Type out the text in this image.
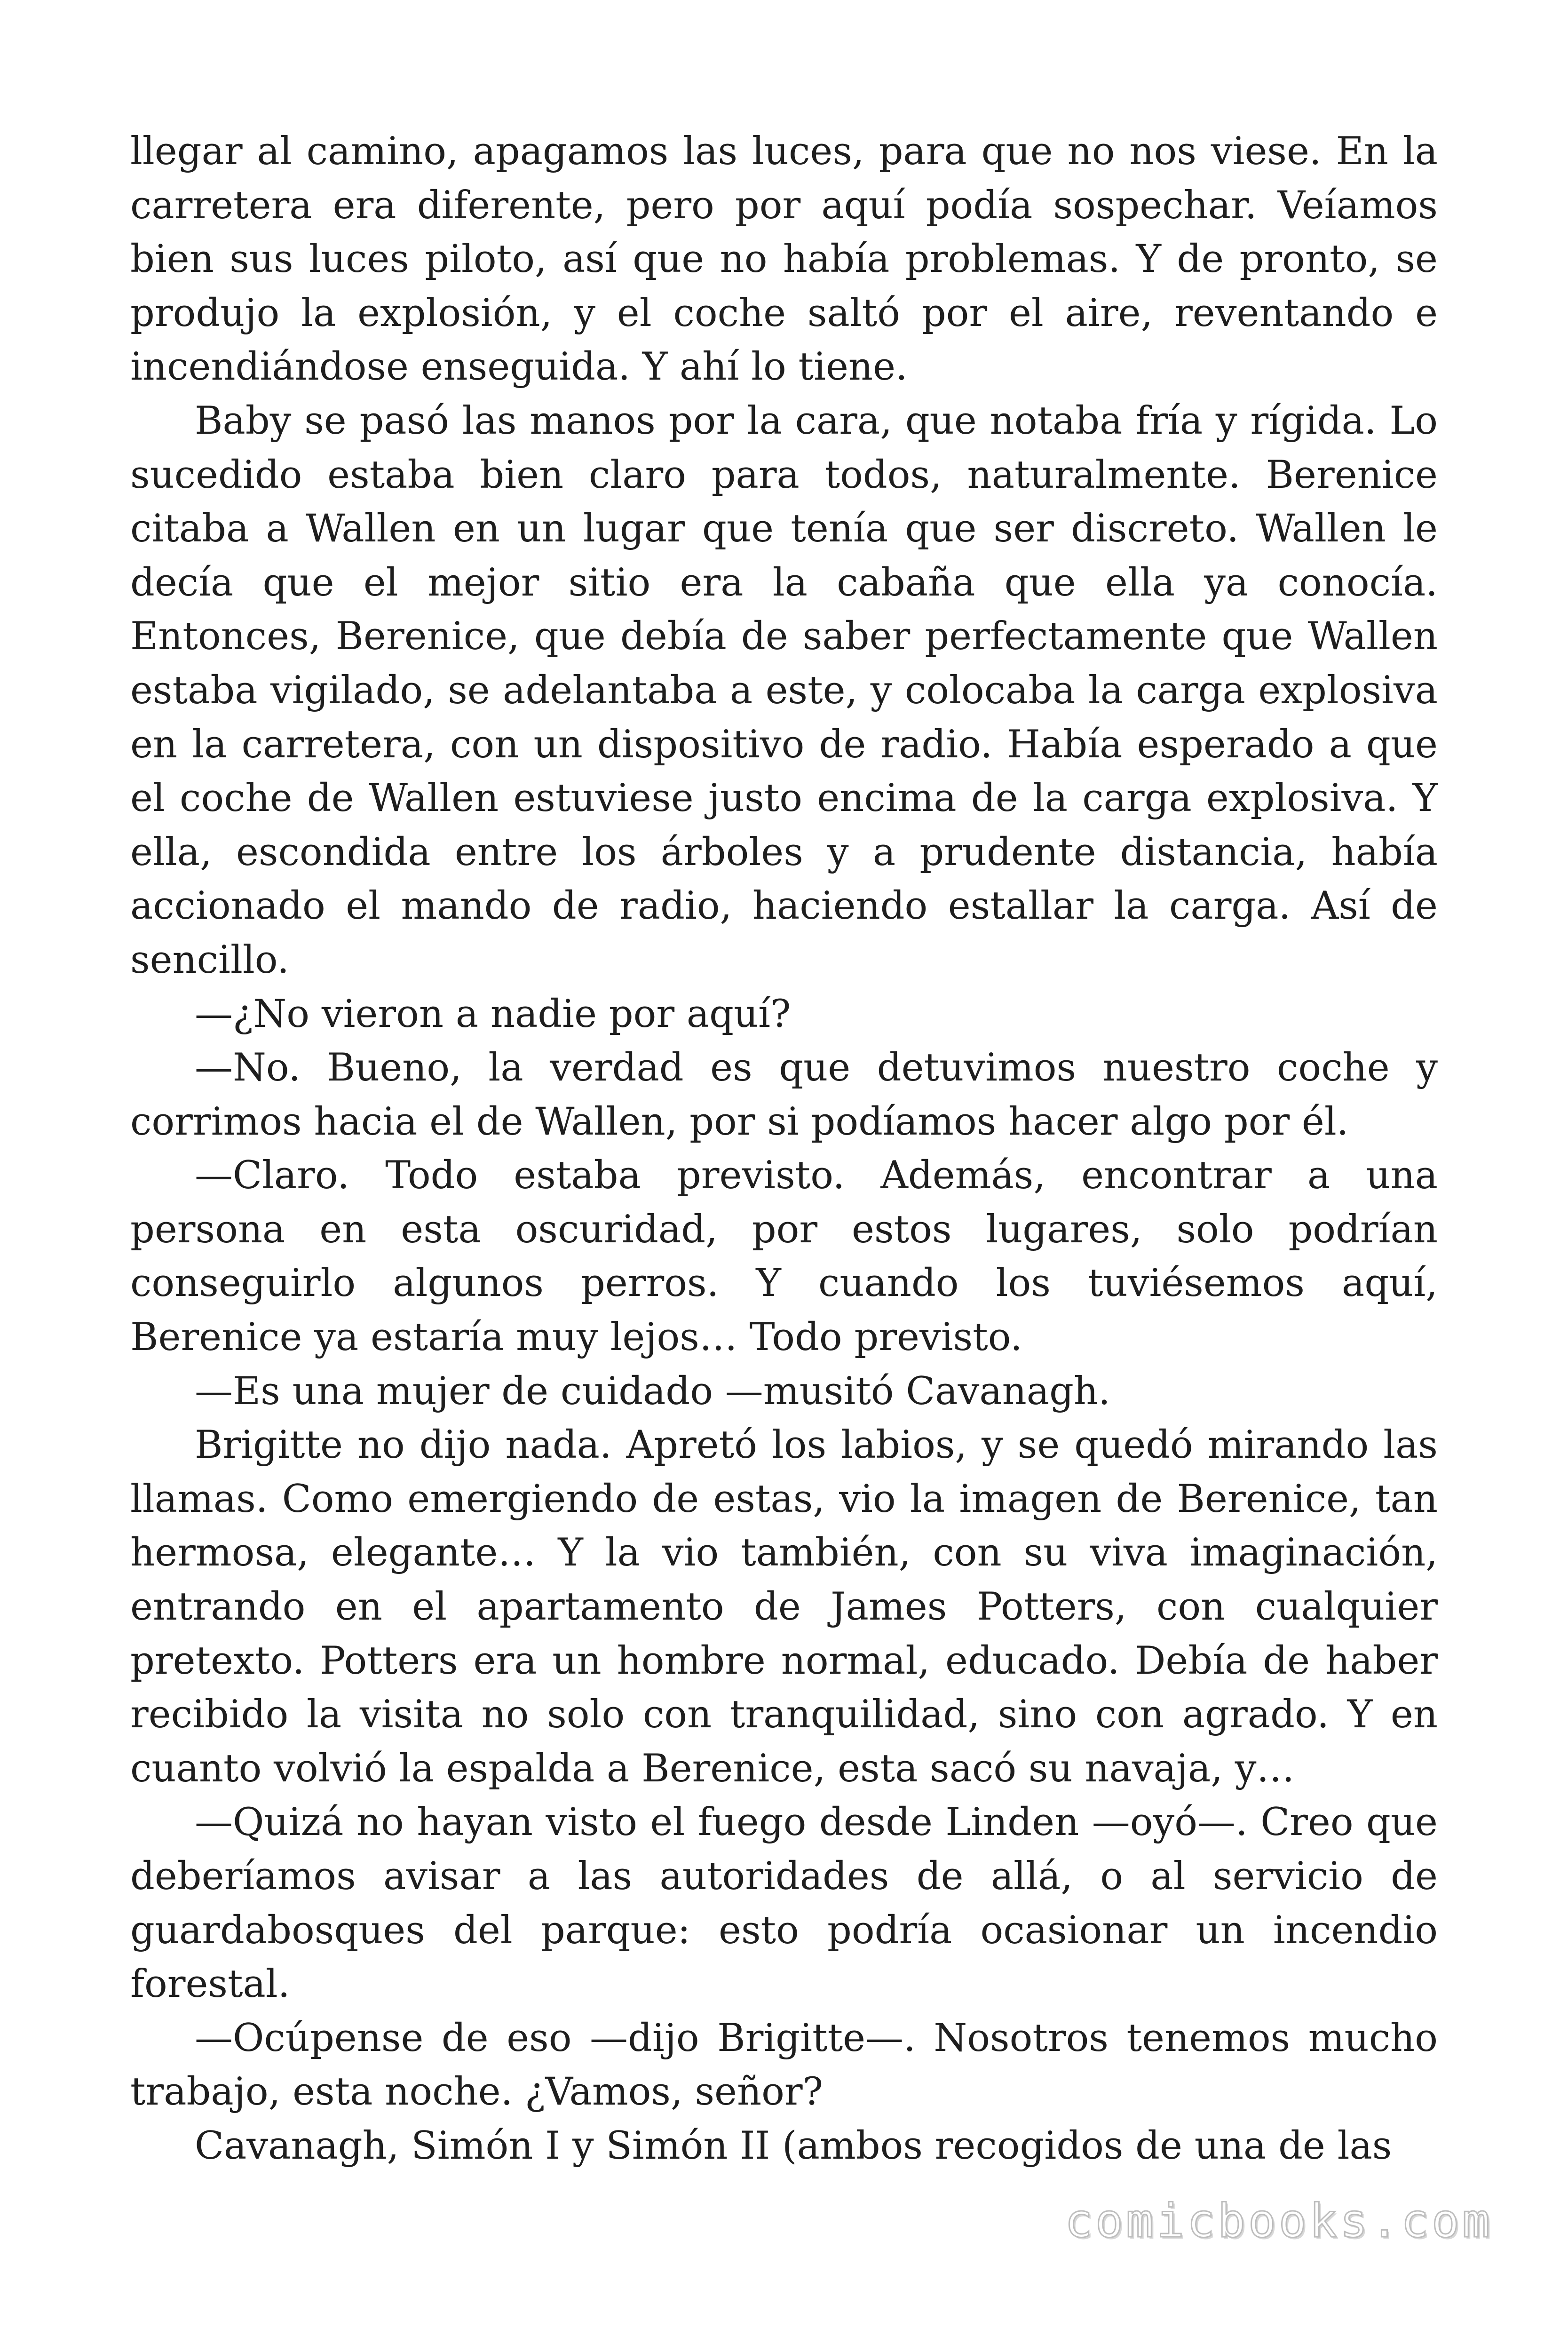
llegar al camino, apagamos las luces, para que no nos viese. En la carretera era diferente, pero por aquí podía sospechar. Veíamos bien sus luces piloto, así que no había problemas. Y de pronto, se produjo la explosión, y el coche saltó por el aire, reventando e incendiándose enseguida. Y ahí lo tiene.

Baby se pasó las manos por la cara, que notaba fría y rígida. Lo sucedido estaba bien claro para todos, naturalmente. Berenice citaba a Wallen en un lugar que tenía que ser discreto. Wallen le decía que el mejor sitio era la cabaña que ella ya conocía. Entonces, Berenice, que debía de saber perfectamente que Wallen estaba vigilado, se adelantaba a este, y colocaba la carga explosiva en la carretera, con un dispositivo de radio. Había esperado a que el coche de Wallen estuviese justo encima de la carga explosiva. Y ella, escondida entre los árboles y a prudente distancia, había accionado el mando de radio, haciendo estallar la carga. Así de sencillo.

—¿No vieron a nadie por aquí?

—No. Bueno, la verdad es que detuvimos nuestro coche y corrimos hacia el de Wallen, por si podíamos hacer algo por él.

—Claro. Todo estaba previsto. Además, encontrar a una persona en esta oscuridad, por estos lugares, solo podrían conseguirlo algunos perros. Y cuando los tuviésemos aquí, Berenice ya estaría muy lejos… Todo previsto.

—Es una mujer de cuidado —musitó Cavanagh.

Brigitte no dijo nada. Apretó los labios, y se quedó mirando las llamas. Como emergiendo de estas, vio la imagen de Berenice, tan hermosa, elegante… Y la vio también, con su viva imaginación, entrando en el apartamento de James Potters, con cualquier pretexto. Potters era un hombre normal, educado. Debía de haber recibido la visita no solo con tranquilidad, sino con agrado. Y en cuanto volvió la espalda a Berenice, esta sacó su navaja, y…

—Quizá no hayan visto el fuego desde Linden —oyó—. Creo que deberíamos avisar a las autoridades de allá, o al servicio de guardabosques del parque: esto podría ocasionar un incendio forestal.

—Ocúpense de eso —dijo Brigitte—. Nosotros tenemos mucho trabajo, esta noche. ¿Vamos, señor?

Cavanagh, Simón I y Simón II (ambos recogidos de una de las

comicbooks.com
